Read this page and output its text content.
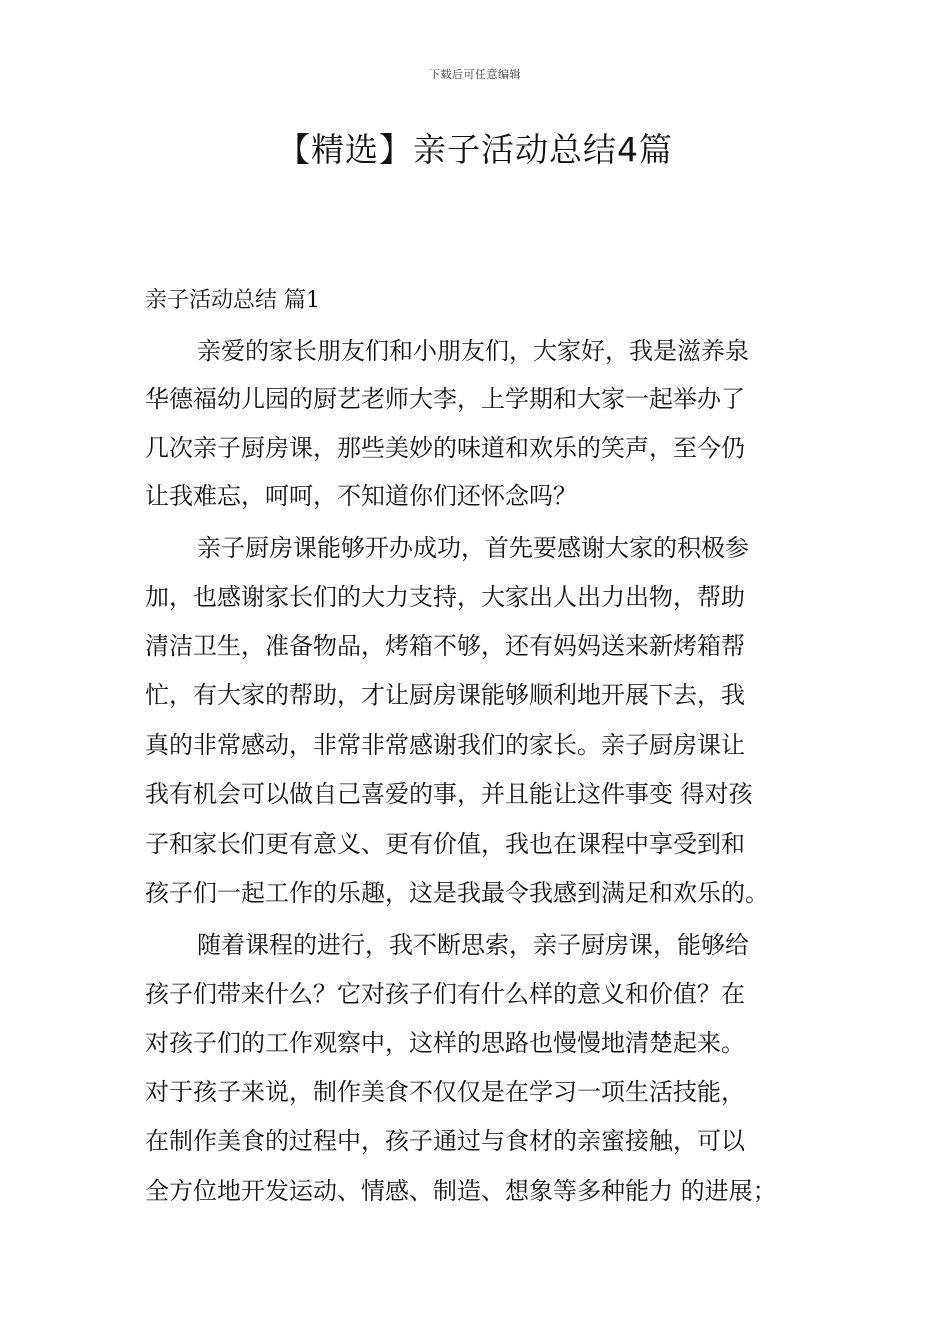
下载后可任意编辑
【精选】亲子活动总结4篇
亲子活动总结 篇1
亲爱的家长朋友们和小朋友们，大家好，我是滋养泉
华德福幼儿园的厨艺老师大李，上学期和大家一起举办了
几次亲子厨房课，那些美妙的味道和欢乐的笑声，至今仍
让我难忘，呵呵，不知道你们还怀念吗？
亲子厨房课能够开办成功，首先要感谢大家的积极参
加，也感谢家长们的大力支持，大家出人出力出物，帮助
清洁卫生，准备物品，烤箱不够，还有妈妈送来新烤箱帮
忙，有大家的帮助，才让厨房课能够顺利地开展下去，我
真的非常感动，非常非常感谢我们的家长。亲子厨房课让
我有机会可以做自己喜爱的事，并且能让这件事变 得对孩
子和家长们更有意义、更有价值，我也在课程中享受到和
孩子们一起工作的乐趣，这是我最令我感到满足和欢乐的。
随着课程的进行，我不断思索，亲子厨房课，能够给
孩子们带来什么？它对孩子们有什么样的意义和价值？在
对孩子们的工作观察中，这样的思路也慢慢地清楚起来。
对于孩子来说，制作美食不仅仅是在学习一项生活技能，
在制作美食的过程中，孩子通过与食材的亲蜜接触，可以
全方位地开发运动、情感、制造、想象等多种能力 的进展；
